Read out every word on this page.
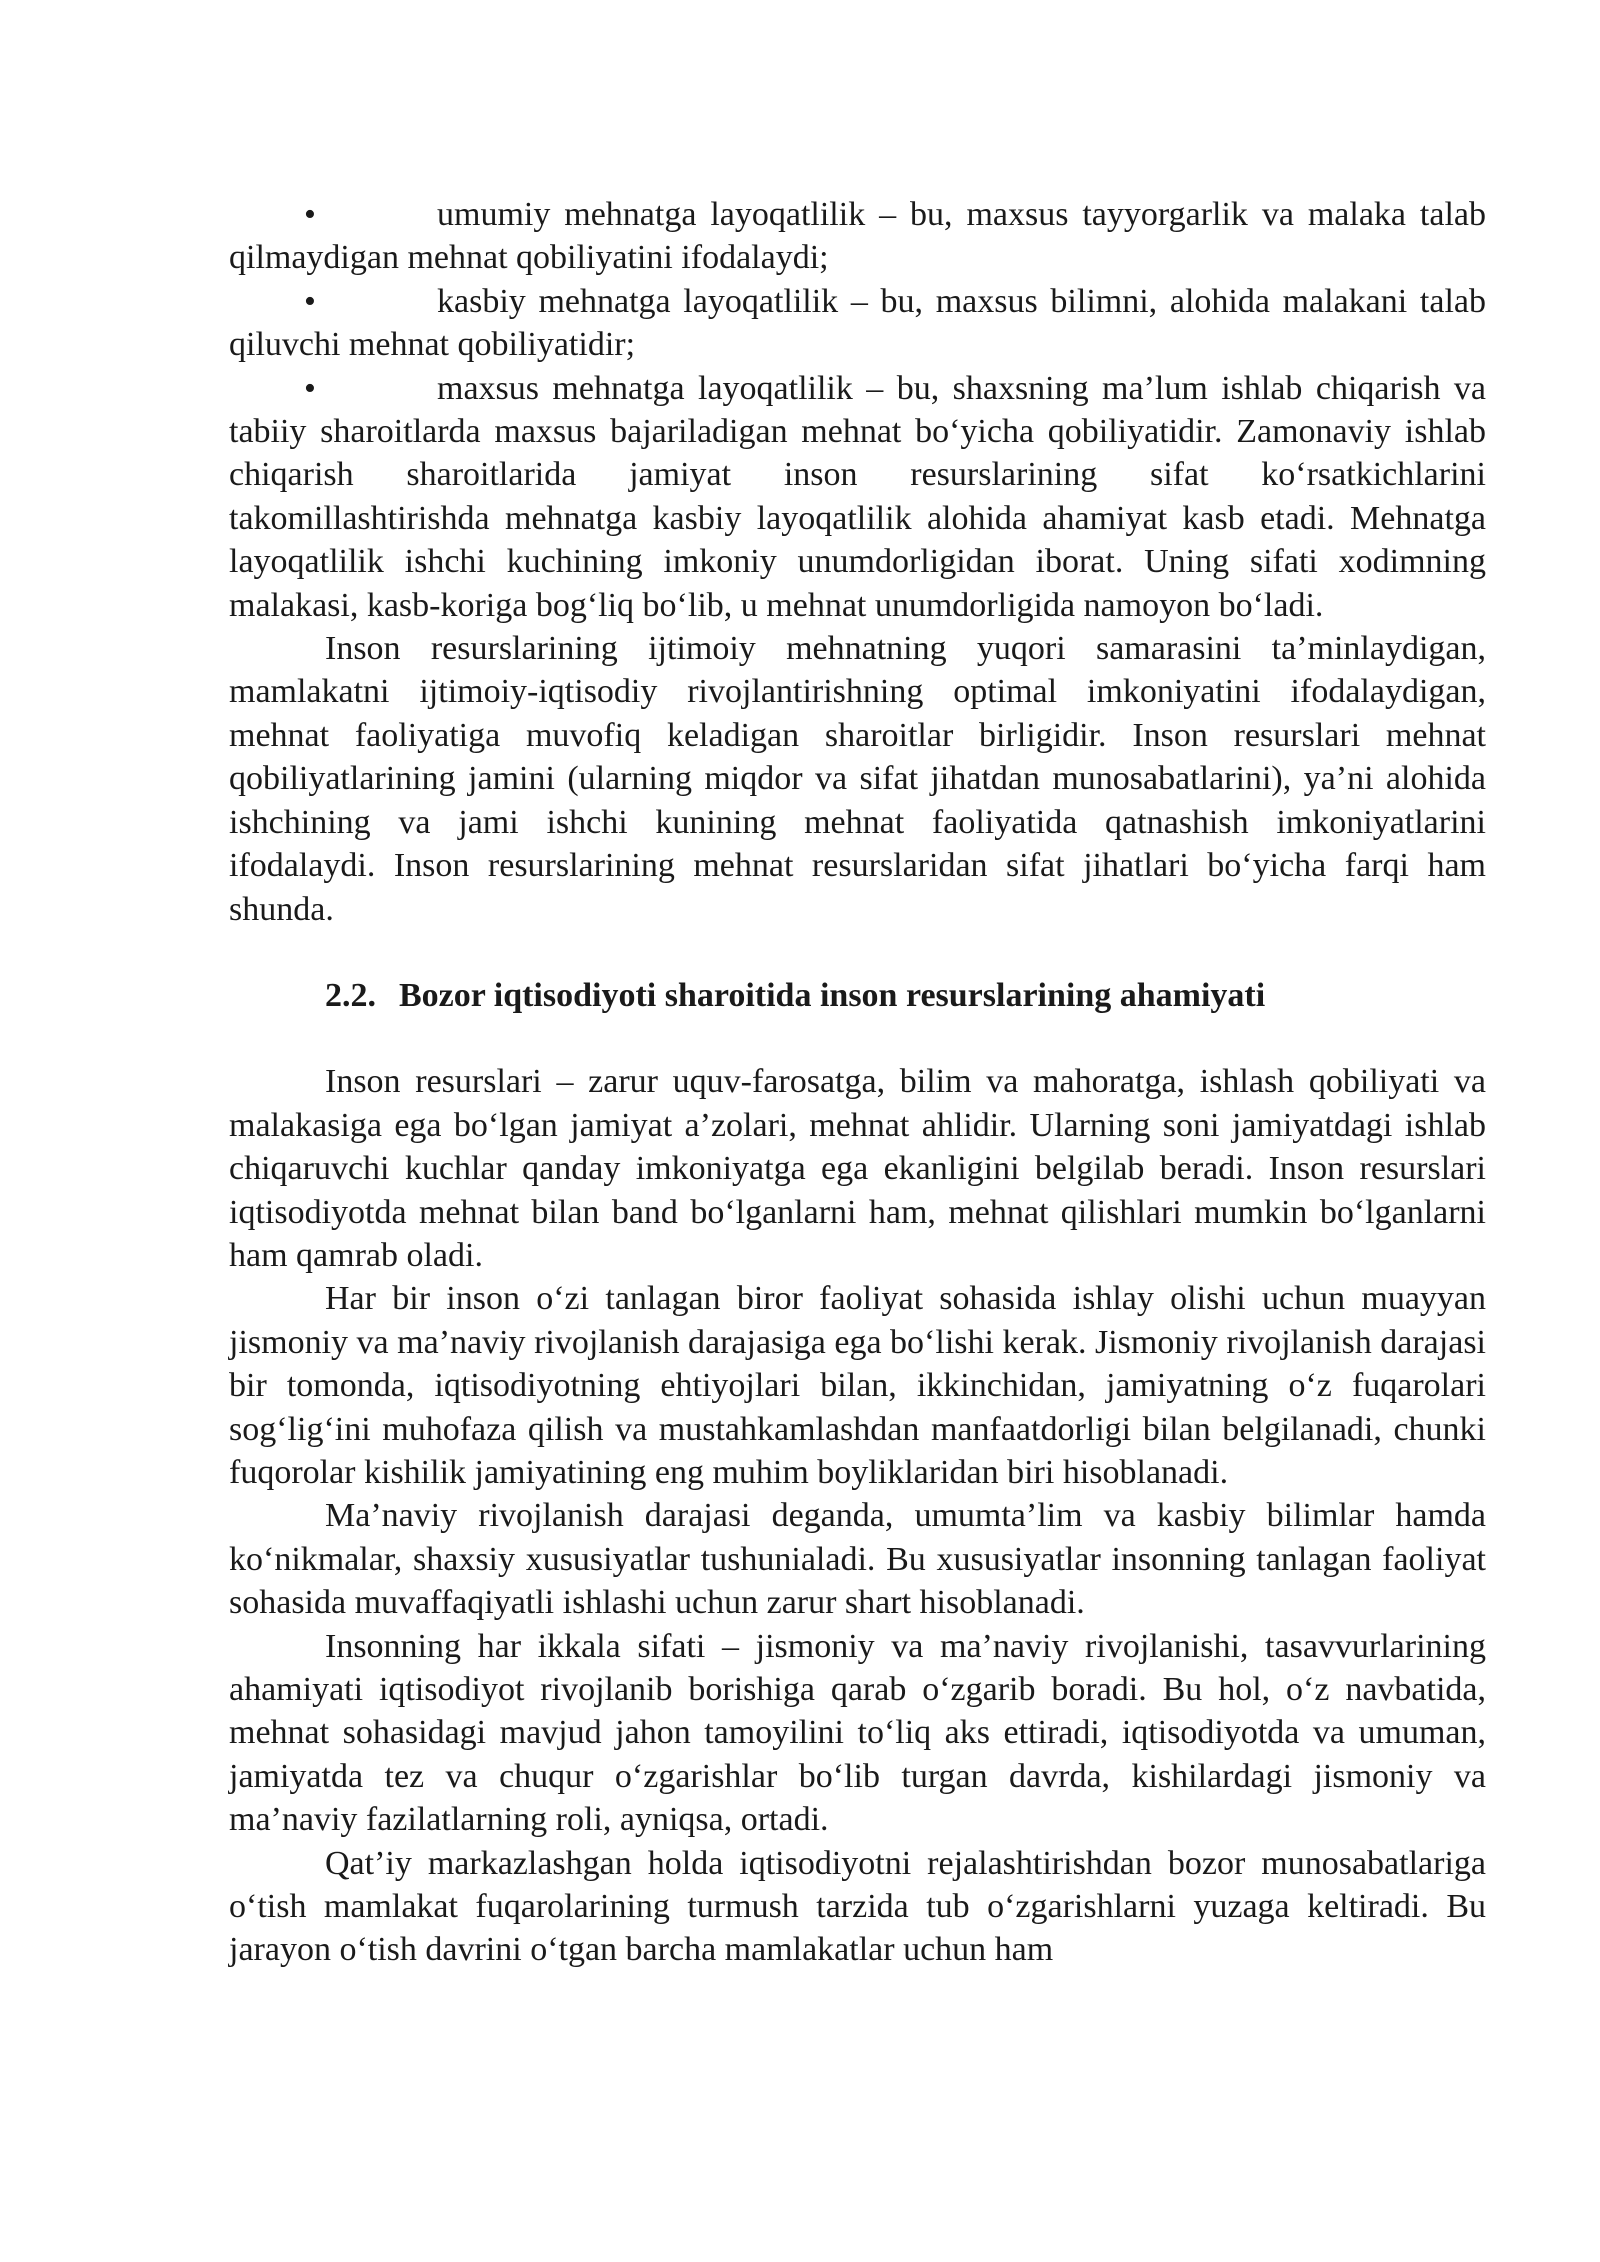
•	umumiy mehnatga layoqatlilik – bu, maxsus tayyorgarlik va malaka talab qilmaydigan mehnat qobiliyatini ifodalaydi;

•	kasbiy mehnatga layoqatlilik – bu, maxsus bilimni, alohida malakani talab qiluvchi mehnat qobiliyatidir;

•	maxsus mehnatga layoqatlilik – bu, shaxsning ma’lum ishlab chiqarish va tabiiy sharoitlarda maxsus bajariladigan mehnat bo‘yicha qobiliyatidir. Zamonaviy ishlab chiqarish sharoitlarida jamiyat inson resurslarining sifat ko‘rsatkichlarini takomillashtirishda mehnatga kasbiy layoqatlilik alohida ahamiyat kasb etadi. Mehnatga layoqatlilik ishchi kuchining imkoniy unumdorligidan iborat. Uning sifati xodimning malakasi, kasb-koriga bog‘liq bo‘lib, u mehnat unumdorligida namoyon bo‘ladi.

Inson resurslarining ijtimoiy mehnatning yuqori samarasini ta’minlaydigan, mamlakatni ijtimoiy-iqtisodiy rivojlantirishning optimal imkoniyatini ifodalaydigan, mehnat faoliyatiga muvofiq keladigan sharoitlar birligidir. Inson resurslari mehnat qobiliyatlarining jamini (ularning miqdor va sifat jihatdan munosabatlarini), ya’ni alohida ishchining va jami ishchi kunining mehnat faoliyatida qatnashish imkoniyatlarini ifodalaydi. Inson resurslarining mehnat resurslaridan sifat jihatlari bo‘yicha farqi ham shunda.

2.2. Bozor iqtisodiyoti sharoitida inson resurslarining ahamiyati

Inson resurslari – zarur uquv-farosatga, bilim va mahoratga, ishlash qobiliyati va malakasiga ega bo‘lgan jamiyat a’zolari, mehnat ahlidir. Ularning soni jamiyatdagi ishlab chiqaruvchi kuchlar qanday imkoniyatga ega ekanligini belgilab beradi. Inson resurslari iqtisodiyotda mehnat bilan band bo‘lganlarni ham, mehnat qilishlari mumkin bo‘lganlarni ham qamrab oladi.

Har bir inson o‘zi tanlagan biror faoliyat sohasida ishlay olishi uchun muayyan jismoniy va ma’naviy rivojlanish darajasiga ega bo‘lishi kerak. Jismoniy rivojlanish darajasi bir tomonda, iqtisodiyotning ehtiyojlari bilan, ikkinchidan, jamiyatning o‘z fuqarolari sog‘lig‘ini muhofaza qilish va mustahkamlashdan manfaatdorligi bilan belgilanadi, chunki fuqorolar kishilik jamiyatining eng muhim boyliklaridan biri hisoblanadi.

Ma’naviy rivojlanish darajasi deganda, umumta’lim va kasbiy bilimlar hamda ko‘nikmalar, shaxsiy xususiyatlar tushunialadi. Bu xususiyatlar insonning tanlagan faoliyat sohasida muvaffaqiyatli ishlashi uchun zarur shart hisoblanadi.

Insonning har ikkala sifati – jismoniy va ma’naviy rivojlanishi, tasavvurlarining ahamiyati iqtisodiyot rivojlanib borishiga qarab o‘zgarib boradi. Bu hol, o‘z navbatida, mehnat sohasidagi mavjud jahon tamoyilini to‘liq aks ettiradi, iqtisodiyotda va umuman, jamiyatda tez va chuqur o‘zgarishlar bo‘lib turgan davrda, kishilardagi jismoniy va ma’naviy fazilatlarning roli, ayniqsa, ortadi.

Qat’iy markazlashgan holda iqtisodiyotni rejalashtirishdan bozor munosabatlariga o‘tish mamlakat fuqarolarining turmush tarzida tub o‘zgarishlarni yuzaga keltiradi. Bu jarayon o‘tish davrini o‘tgan barcha mamlakatlar uchun ham
